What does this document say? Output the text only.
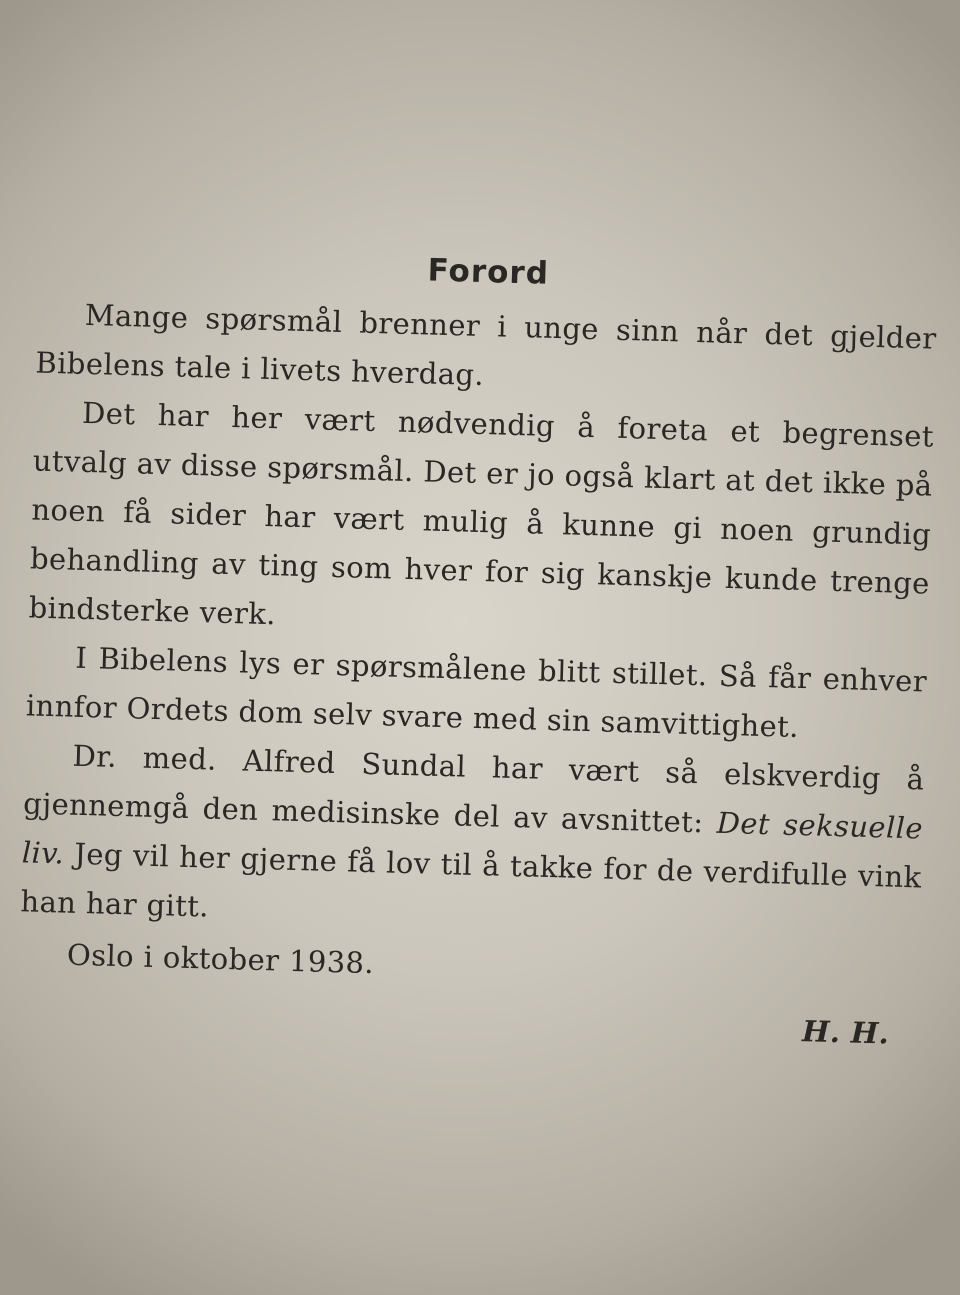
Forord

Mange spørsmål brenner i unge sinn når det gjelder Bibelens tale i livets hverdag.

Det har her vært nødvendig å foreta et begrenset utvalg av disse spørsmål. Det er jo også klart at det ikke på noen få sider har vært mulig å kunne gi noen grundig behandling av ting som hver for sig kanskje kunde trenge bindsterke verk.

I Bibelens lys er spørsmålene blitt stillet. Så får enhver innfor Ordets dom selv svare med sin samvittighet.

Dr. med. Alfred Sundal har vært så elskverdig å gjennemgå den medisinske del av avsnittet: Det seksuelle liv. Jeg vil her gjerne få lov til å takke for de verdifulle vink han har gitt.

Oslo i oktober 1938.

H. H.
